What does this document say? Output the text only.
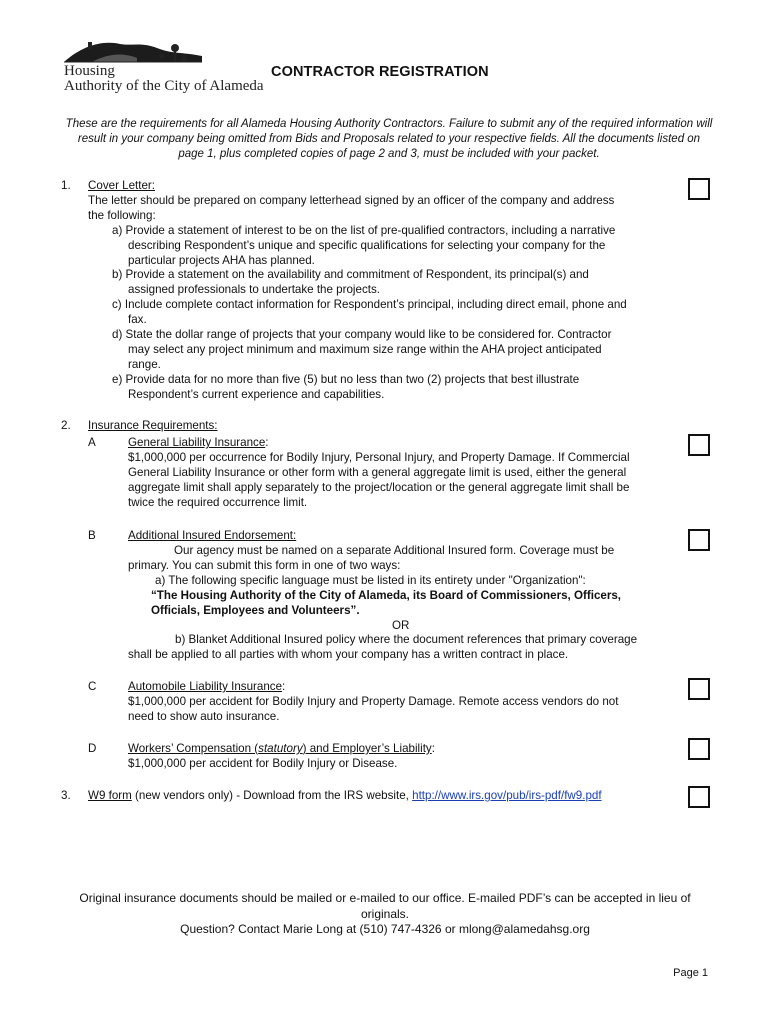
Housing
Authority of the City of Alameda
CONTRACTOR REGISTRATION
These are the requirements for all Alameda Housing Authority Contractors. Failure to submit any of the required information will result in your company being omitted from Bids and Proposals related to your respective fields. All the documents listed on page 1, plus completed copies of page 2 and 3, must be included with your packet.
1.	Cover Letter:
The letter should be prepared on company letterhead signed by an officer of the company and address
the following:
a) Provide a statement of interest to be on the list of pre-qualified contractors, including a narrative
describing Respondent’s unique and specific qualifications for selecting your company for the
particular projects AHA has planned.
b) Provide a statement on the availability and commitment of Respondent, its principal(s) and
assigned professionals to undertake the projects.
c) Include complete contact information for Respondent’s principal, including direct email, phone and
fax.
d) State the dollar range of projects that your company would like to be considered for. Contractor
may select any project minimum and maximum size range within the AHA project anticipated
range.
e) Provide data for no more than five (5) but no less than two (2) projects that best illustrate
Respondent’s current experience and capabilities.
2.	Insurance Requirements:
A	General Liability Insurance:
$1,000,000 per occurrence for Bodily Injury, Personal Injury, and Property Damage. If Commercial
General Liability Insurance or other form with a general aggregate limit is used, either the general
aggregate limit shall apply separately to the project/location or the general aggregate limit shall be
twice the required occurrence limit.
B	Additional Insured Endorsement:
Our agency must be named on a separate Additional Insured form. Coverage must be
primary. You can submit this form in one of two ways:
a) The following specific language must be listed in its entirety under "Organization":
“The Housing Authority of the City of Alameda, its Board of Commissioners, Officers,
Officials, Employees and Volunteers”.
OR
b) Blanket Additional Insured policy where the document references that primary coverage
shall be applied to all parties with whom your company has a written contract in place.
C	Automobile Liability Insurance:
$1,000,000 per accident for Bodily Injury and Property Damage. Remote access vendors do not
need to show auto insurance.
D	Workers’ Compensation (statutory) and Employer’s Liability:
$1,000,000 per accident for Bodily Injury or Disease.
3.	W9 form (new vendors only) - Download from the IRS website, http://www.irs.gov/pub/irs-pdf/fw9.pdf
Original insurance documents should be mailed or e-mailed to our office. E-mailed PDF’s can be accepted in lieu of
originals.
Question? Contact Marie Long at (510) 747-4326 or mlong@alamedahsg.org
Page 1
